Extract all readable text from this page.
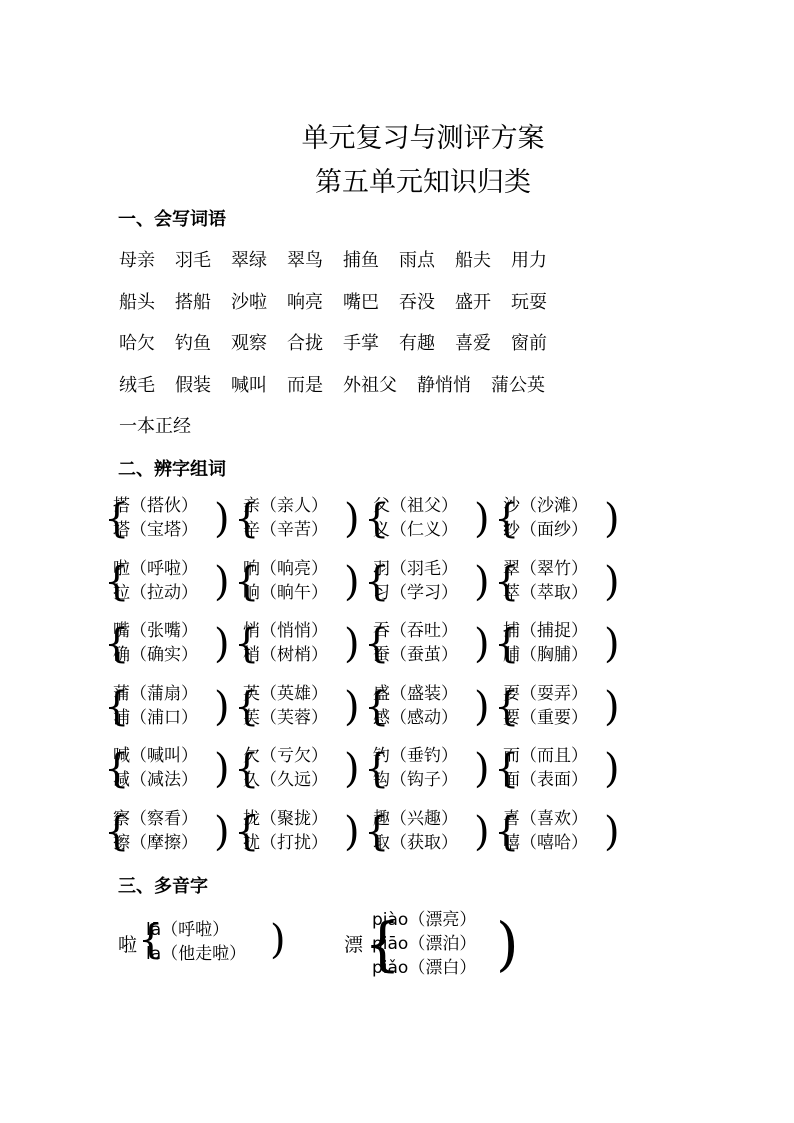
单元复习与测评方案
第五单元知识归类
一、会写词语
母亲 羽毛 翠绿 翠鸟 捕鱼 雨点 船夫 用力
船头 搭船 沙啦 响亮 嘴巴 吞没 盛开 玩耍
哈欠 钓鱼 观察 合拢 手掌 有趣 喜爱 窗前
绒毛 假装 喊叫 而是 外祖父 静悄悄 蒲公英
一本正经
二、辨字组词
{
搭（搭伙）
塔（宝塔） ) {
亲（亲人）
辛（辛苦） ) {
父（祖父）
义（仁义） ) {
沙（沙滩）
纱（面纱） )
{
啦（呼啦）
拉（拉动） ) {
响（响亮）
晌（晌午） ) {
羽（羽毛）
习（学习） ) {
翠（翠竹）
萃（萃取） )
{
嘴（张嘴）
确（确实） ) {
悄（悄悄）
梢（树梢） ) {
吞（吞吐）
蚕（蚕茧） ) {
捕（捕捉）
脯（胸脯） )
{
蒲（蒲扇）
浦（浦口） ) {
英（英雄）
芙（芙蓉） ) {
盛（盛装）
感（感动） ) {
耍（耍弄）
要（重要） )
{
喊（喊叫）
减（减法） ) {
欠（亏欠）
久（久远） ) {
钓（垂钓）
钩（钩子） ) {
而（而且）
面（表面） )
{
察（察看）
擦（摩擦） ) {
拢（聚拢）
扰（打扰） ) {
趣（兴趣）
取（获取） ) {
喜（喜欢）
嘻（嘻哈） )
三、多音字
啦 {
lā（呼啦）
la（他走啦） )	漂 {
piào（漂亮）
piāo（漂泊）
piǎo（漂白） )
